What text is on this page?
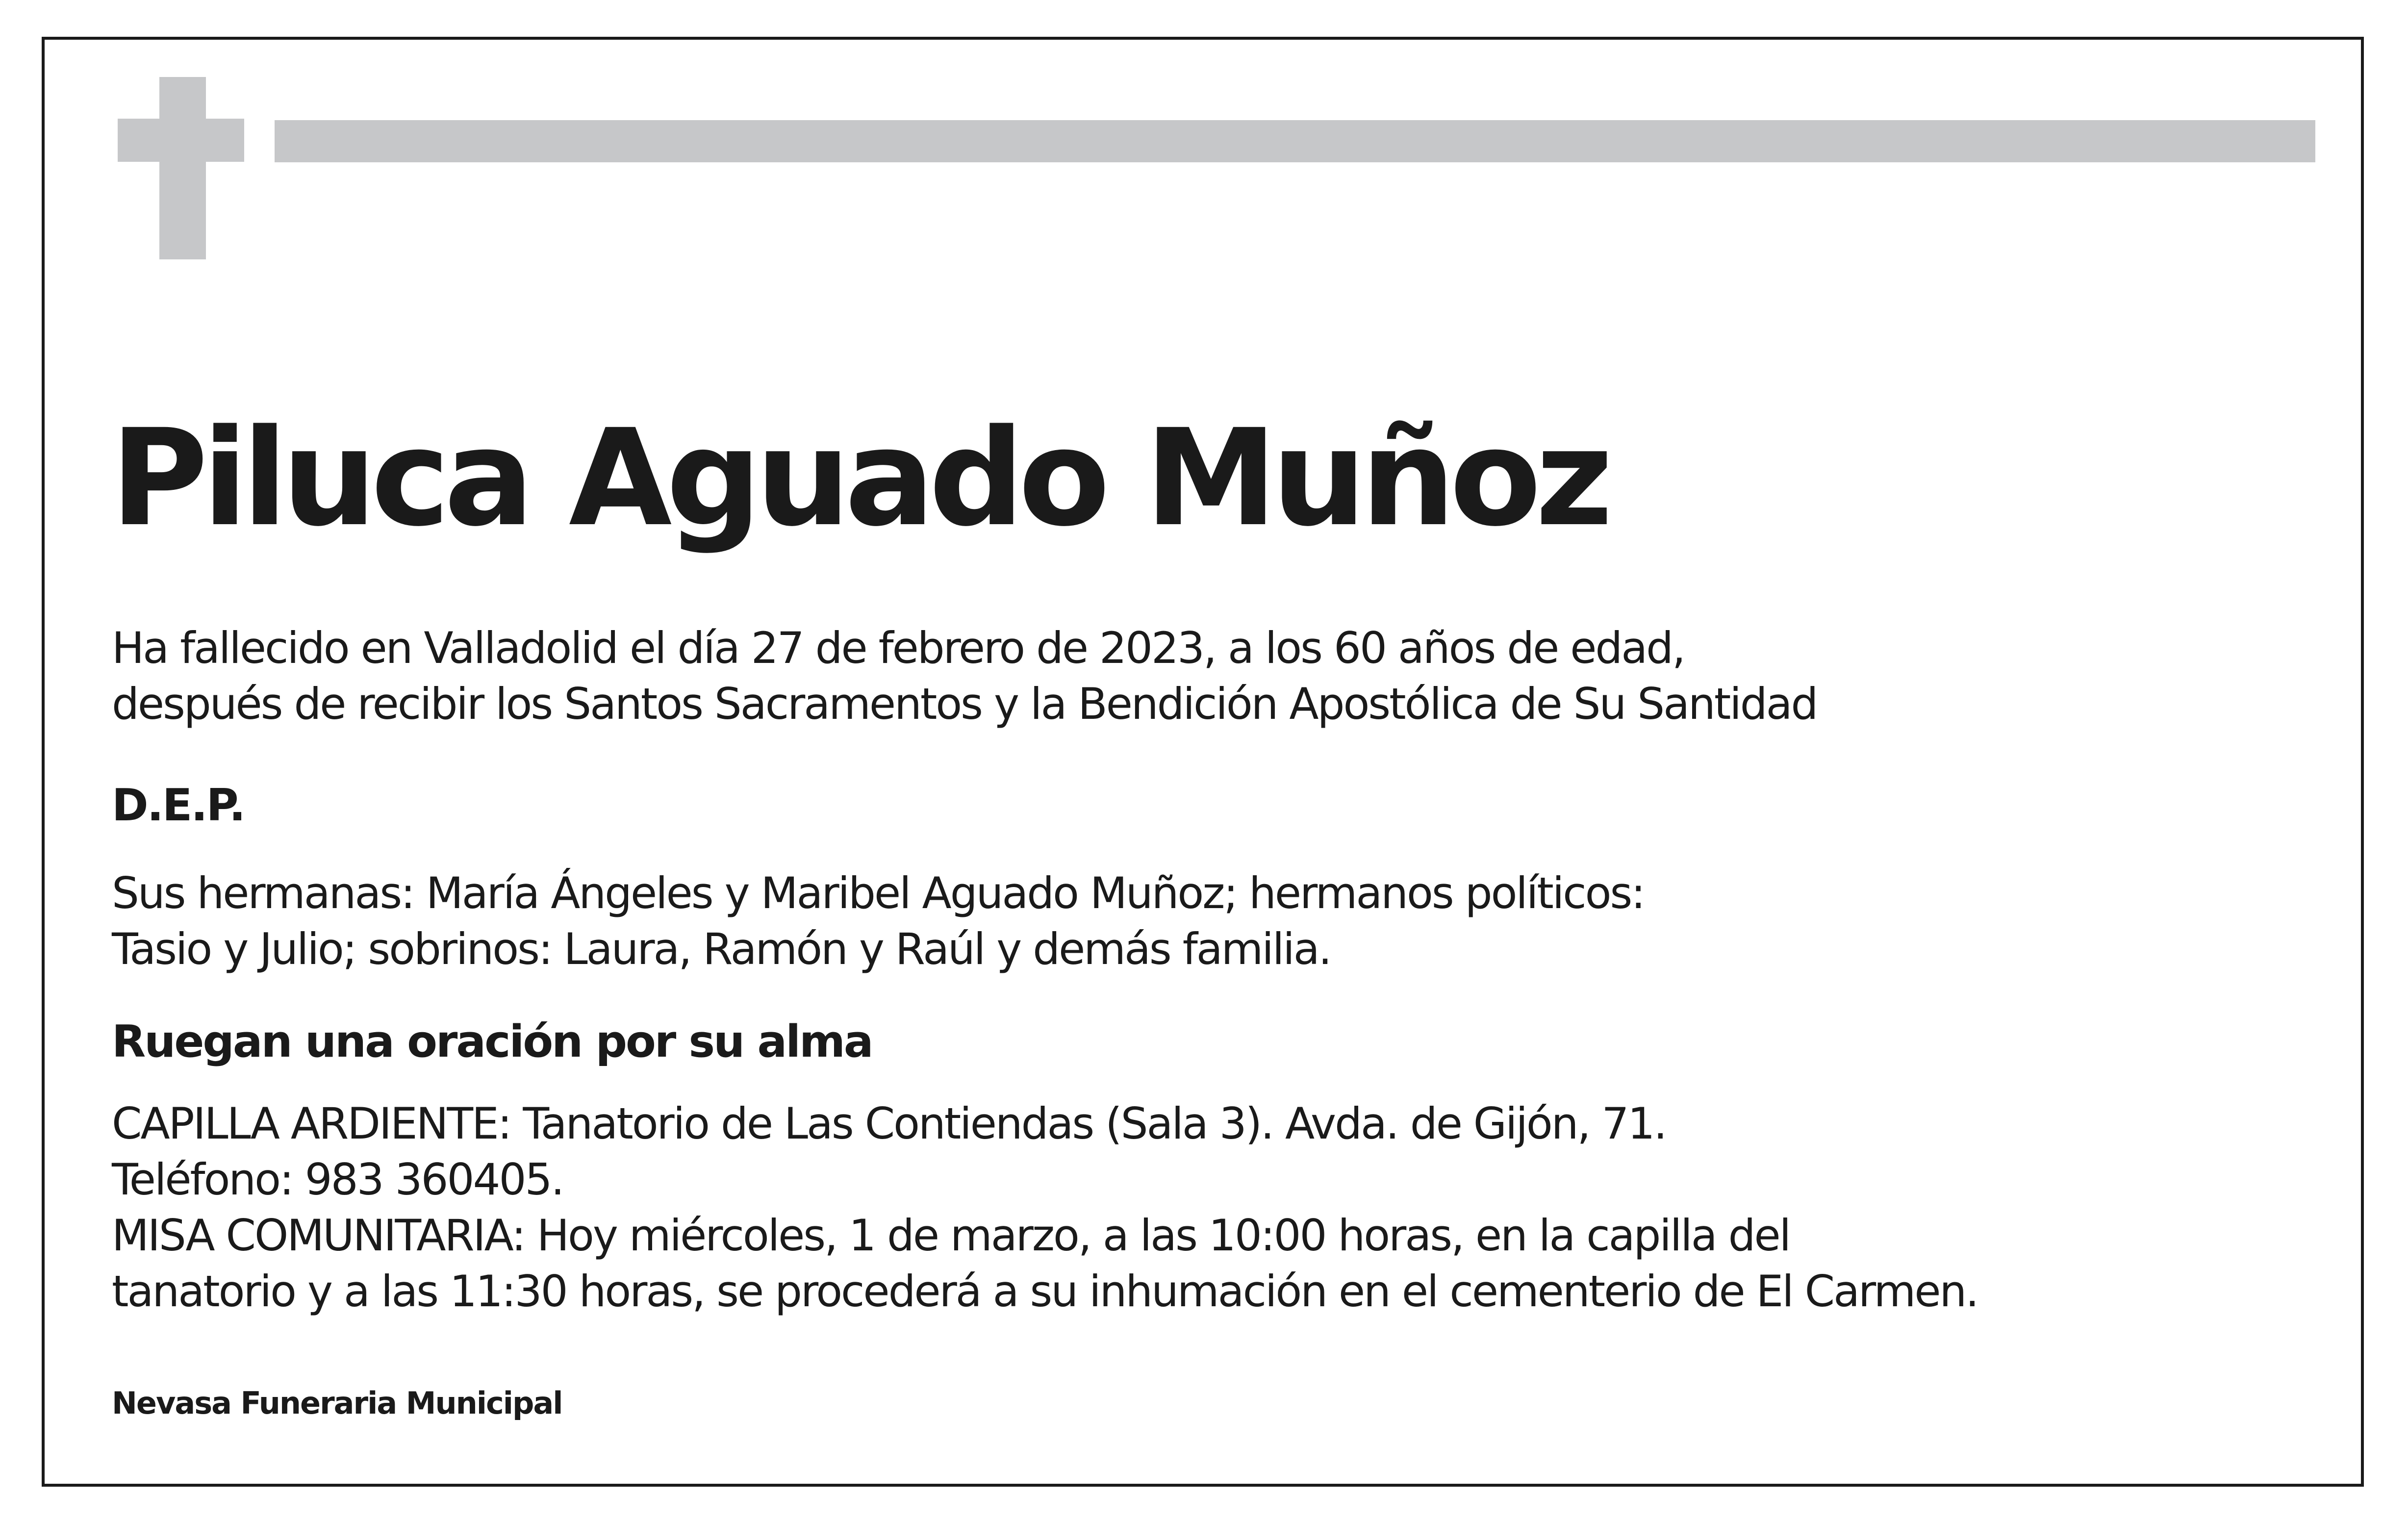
Piluca Aguado Muñoz

Ha fallecido en Valladolid el día 27 de febrero de 2023, a los 60 años de edad,
después de recibir los Santos Sacramentos y la Bendición Apostólica de Su Santidad

D.E.P.

Sus hermanas: María Ángeles y Maribel Aguado Muñoz; hermanos políticos:
Tasio y Julio; sobrinos: Laura, Ramón y Raúl y demás familia.

Ruegan una oración por su alma

CAPILLA ARDIENTE: Tanatorio de Las Contiendas (Sala 3). Avda. de Gijón, 71.
Teléfono: 983 360405.
MISA COMUNITARIA: Hoy miércoles, 1 de marzo, a las 10:00 horas, en la capilla del
tanatorio y a las 11:30 horas, se procederá a su inhumación en el cementerio de El Carmen.

Nevasa Funeraria Municipal
